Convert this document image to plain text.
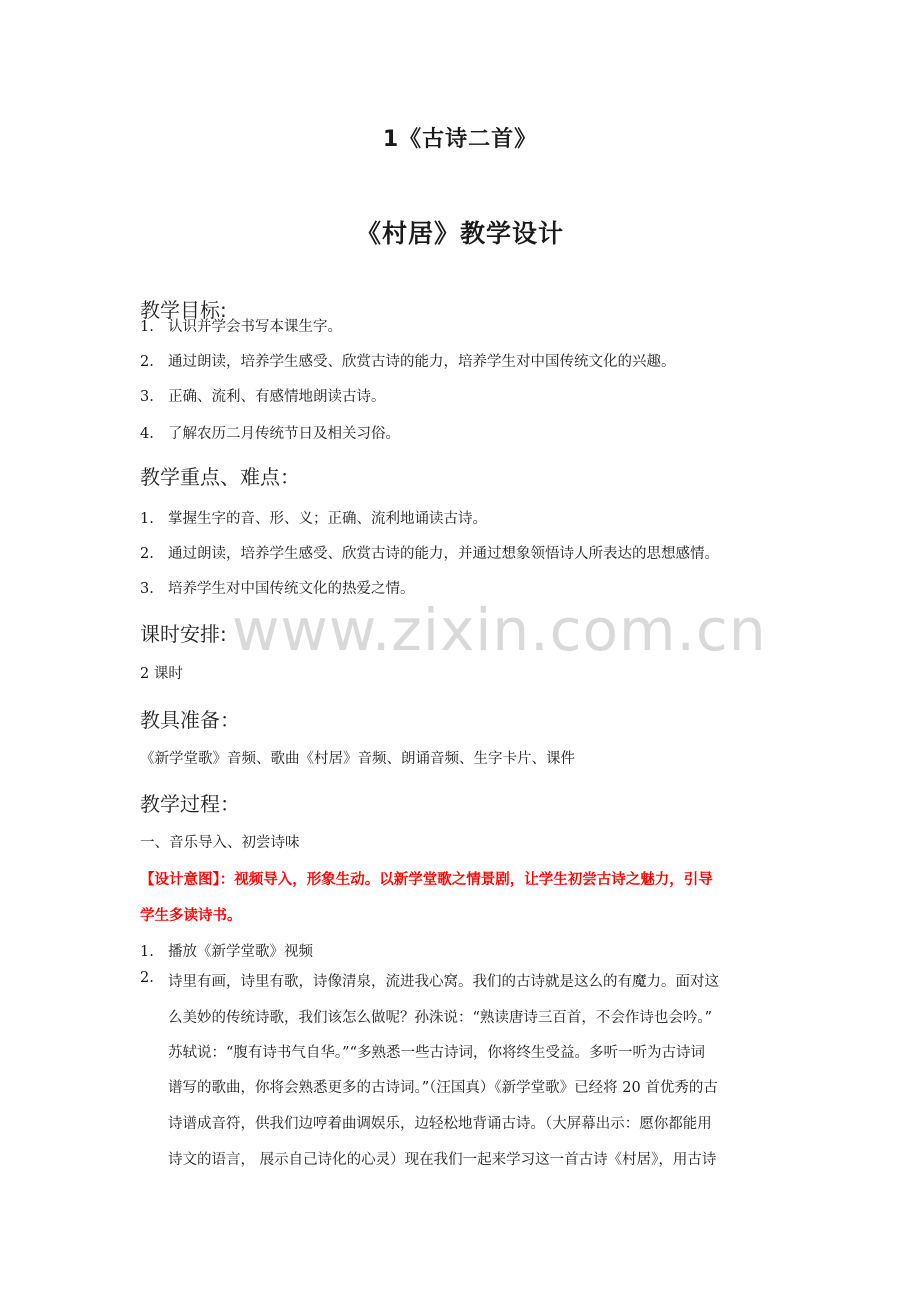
www.zixin.com.cn
1《古诗二首》
《村居》教学设计
教学目标:
1. 认识并学会书写本课生字。
2. 通过朗读，培养学生感受、欣赏古诗的能力，培养学生对中国传统文化的兴趣。
3. 正确、流利、有感情地朗读古诗。
4. 了解农历二月传统节日及相关习俗。
教学重点、难点：
1. 掌握生字的音、形、义；正确、流利地诵读古诗。
2. 通过朗读，培养学生感受、欣赏古诗的能力，并通过想象领悟诗人所表达的思想感情。
3. 培养学生对中国传统文化的热爱之情。
课时安排:
2 课时
教具准备：
《新学堂歌》音频、歌曲《村居》音频、朗诵音频、生字卡片、课件
教学过程：
一、音乐导入、初尝诗味
【设计意图】：视频导入，形象生动。以新学堂歌之情景剧，让学生初尝古诗之魅力，引导
学生多读诗书。
1. 播放《新学堂歌》视频
2. 诗里有画，诗里有歌，诗像清泉，流进我心窝。我们的古诗就是这么的有魔力。面对这
么美妙的传统诗歌，我们该怎么做呢？孙洙说：“熟读唐诗三百首，不会作诗也会吟。”
苏轼说：“腹有诗书气自华。”“多熟悉一些古诗词，你将终生受益。多听一听为古诗词
谱写的歌曲，你将会熟悉更多的古诗词。”（汪国真）《新学堂歌》已经将 20 首优秀的古
诗谱成音符，供我们边哼着曲调娱乐，边轻松地背诵古诗。（大屏幕出示：愿你都能用
诗文的语言， 展示自己诗化的心灵）现在我们一起来学习这一首古诗《村居》，用古诗
